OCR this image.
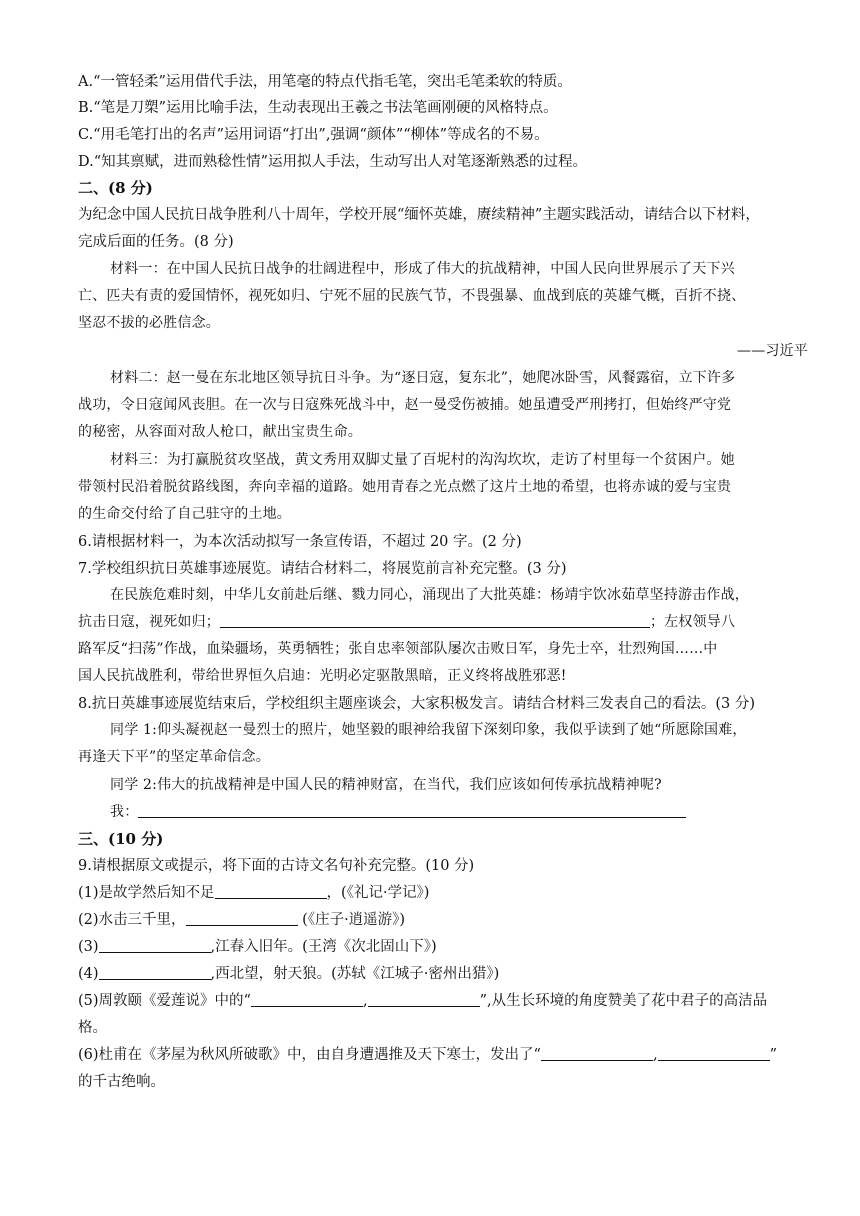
A.“一管轻柔”运用借代手法，用笔毫的特点代指毛笔，突出毛笔柔软的特质。
B.“笔是刀槊”运用比喻手法，生动表现出王羲之书法笔画刚硬的风格特点。
C.“用毛笔打出的名声”运用词语“打出”,强调“颜体”“柳体”等成名的不易。
D.“知其禀赋，进而熟稔性情”运用拟人手法，生动写出人对笔逐渐熟悉的过程。
二、(8 分)
为纪念中国人民抗日战争胜利八十周年，学校开展“缅怀英雄，赓续精神”主题实践活动，请结合以下材料，
完成后面的任务。(8 分)
材料一：在中国人民抗日战争的壮阔进程中，形成了伟大的抗战精神，中国人民向世界展示了天下兴
亡、匹夫有责的爱国情怀，视死如归、宁死不屈的民族气节，不畏强暴、血战到底的英雄气概，百折不挠、
坚忍不拔的必胜信念。
——习近平
材料二：赵一曼在东北地区领导抗日斗争。为“逐日寇，复东北”，她爬冰卧雪，风餐露宿，立下许多
战功，令日寇闻风丧胆。在一次与日寇殊死战斗中，赵一曼受伤被捕。她虽遭受严刑拷打，但始终严守党
的秘密，从容面对敌人枪口，献出宝贵生命。
材料三：为打赢脱贫攻坚战，黄文秀用双脚丈量了百坭村的沟沟坎坎，走访了村里每一个贫困户。她
带领村民沿着脱贫路线图，奔向幸福的道路。她用青春之光点燃了这片土地的希望，也将赤诚的爱与宝贵
的生命交付给了自己驻守的土地。
6.请根据材料一，为本次活动拟写一条宣传语，不超过 20 字。(2 分)
7.学校组织抗日英雄事迹展览。请结合材料二，将展览前言补充完整。(3 分)
在民族危难时刻，中华儿女前赴后继、戮力同心，涌现出了大批英雄：杨靖宇饮冰茹草坚持游击作战，
抗击日寇，视死如归；	；左权领导八
路军反“扫荡”作战，血染疆场，英勇牺牲；张自忠率领部队屡次击败日军，身先士卒，壮烈殉国……中
国人民抗战胜利，带给世界恒久启迪：光明必定驱散黑暗，正义终将战胜邪恶!
8.抗日英雄事迹展览结束后，学校组织主题座谈会，大家积极发言。请结合材料三发表自己的看法。(3 分)
同学 1:仰头凝视赵一曼烈士的照片，她坚毅的眼神给我留下深刻印象，我似乎读到了她“所愿除国难，
再逢天下平”的坚定革命信念。
同学 2:伟大的抗战精神是中国人民的精神财富，在当代，我们应该如何传承抗战精神呢?
我：
三、(10 分)
9.请根据原文或提示，将下面的古诗文名句补充完整。(10 分)
(1)是故学然后知不足	，(《礼记·学记》)
(2)水击三千里，	(《庄子·逍遥游》)
(3)	,江春入旧年。(王湾《次北固山下》)
(4)	,西北望，射天狼。(苏轼《江城子·密州出猎》)
(5)周敦颐《爱莲说》中的“	,	”,从生长环境的角度赞美了花中君子的高洁品
格。
(6)杜甫在《茅屋为秋风所破歌》中，由自身遭遇推及天下寒士，发出了“	,	”
的千古绝响。
